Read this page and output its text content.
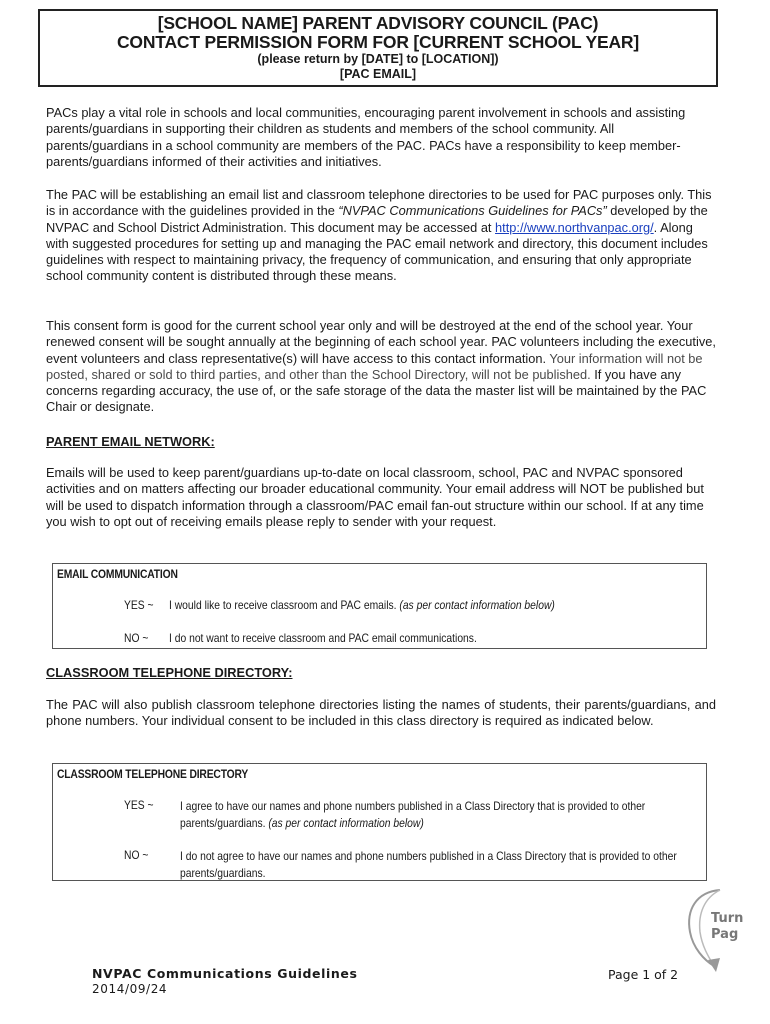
[SCHOOL NAME] PARENT ADVISORY COUNCIL (PAC)
CONTACT PERMISSION FORM FOR [CURRENT SCHOOL YEAR]
(please return by [DATE] to [LOCATION])
[PAC EMAIL]

PACs play a vital role in schools and local communities, encouraging parent involvement in schools and assisting parents/guardians in supporting their children as students and members of the school community. All parents/guardians in a school community are members of the PAC. PACs have a responsibility to keep member-parents/guardians informed of their activities and initiatives.

The PAC will be establishing an email list and classroom telephone directories to be used for PAC purposes only. This is in accordance with the guidelines provided in the “NVPAC Communications Guidelines for PACs” developed by the NVPAC and School District Administration. This document may be accessed at http://www.northvanpac.org/. Along with suggested procedures for setting up and managing the PAC email network and directory, this document includes guidelines with respect to maintaining privacy, the frequency of communication, and ensuring that only appropriate school community content is distributed through these means.

This consent form is good for the current school year only and will be destroyed at the end of the school year. Your renewed consent will be sought annually at the beginning of each school year. PAC volunteers including the executive, event volunteers and class representative(s) will have access to this contact information. Your information will not be posted, shared or sold to third parties, and other than the School Directory, will not be published. If you have any concerns regarding accuracy, the use of, or the safe storage of the data the master list will be maintained by the PAC Chair or designate.

PARENT EMAIL NETWORK:

Emails will be used to keep parent/guardians up-to-date on local classroom, school, PAC and NVPAC sponsored activities and on matters affecting our broader educational community. Your email address will NOT be published but will be used to dispatch information through a classroom/PAC email fan-out structure within our school. If at any time you wish to opt out of receiving emails please reply to sender with your request.

EMAIL COMMUNICATION
YES ~ I would like to receive classroom and PAC emails. (as per contact information below)
NO ~ I do not want to receive classroom and PAC email communications.
CLASSROOM TELEPHONE DIRECTORY:

The PAC will also publish classroom telephone directories listing the names of students, their parents/guardians, and phone numbers. Your individual consent to be included in this class directory is required as indicated below.

CLASSROOM TELEPHONE DIRECTORY
YES ~ I agree to have our names and phone numbers published in a Class Directory that is provided to other parents/guardians. (as per contact information below)
NO ~	I do not agree to have our names and phone numbers published in a Class Directory that is provided to other parents/guardians.
Turn
Pag
NVPAC Communications Guidelines
2014/09/24
Page 1 of 2
